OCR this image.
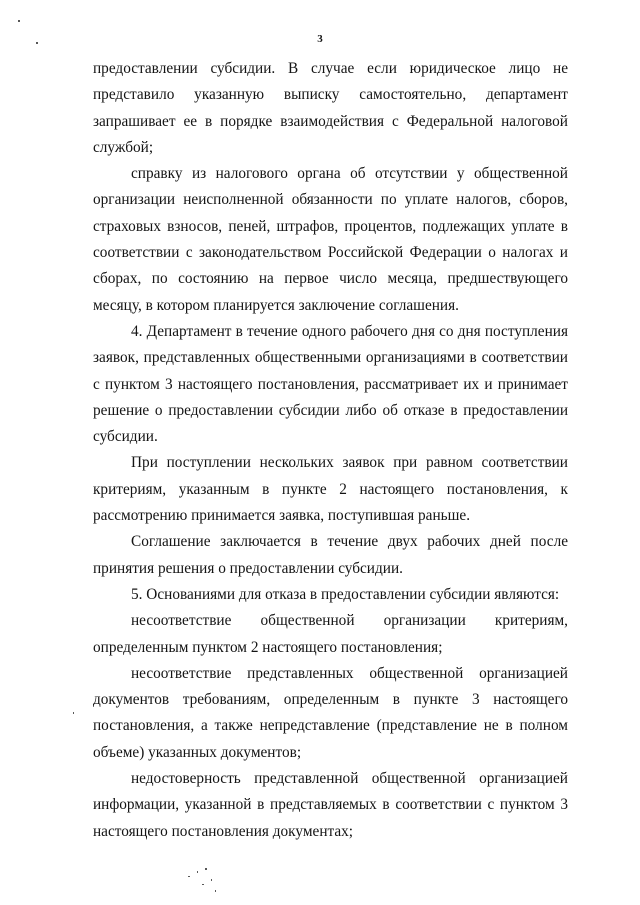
3

предоставлении субсидии. В случае если юридическое лицо не представило указанную выписку самостоятельно, департамент запрашивает ее в порядке взаимодействия с Федеральной налоговой службой;

справку из налогового органа об отсутствии у общественной организации неисполненной обязанности по уплате налогов, сборов, страховых взносов, пеней, штрафов, процентов, подлежащих уплате в соответствии с законодательством Российской Федерации о налогах и сборах, по состоянию на первое число месяца, предшествующего месяцу, в котором планируется заключение соглашения.

4. Департамент в течение одного рабочего дня со дня поступления заявок, представленных общественными организациями в соответствии с пунктом 3 настоящего постановления, рассматривает их и принимает решение о предоставлении субсидии либо об отказе в предоставлении субсидии.

При поступлении нескольких заявок при равном соответствии критериям, указанным в пункте 2 настоящего постановления, к рассмотрению принимается заявка, поступившая раньше.

Соглашение заключается в течение двух рабочих дней после принятия решения о предоставлении субсидии.

5. Основаниями для отказа в предоставлении субсидии являются:

несоответствие общественной организации критериям, определенным пунктом 2 настоящего постановления;

несоответствие представленных общественной организацией документов требованиям, определенным в пункте 3 настоящего постановления, а также непредставление (представление не в полном объеме) указанных документов;

недостоверность представленной общественной организацией информации, указанной в представляемых в соответствии с пунктом 3 настоящего постановления документах;
